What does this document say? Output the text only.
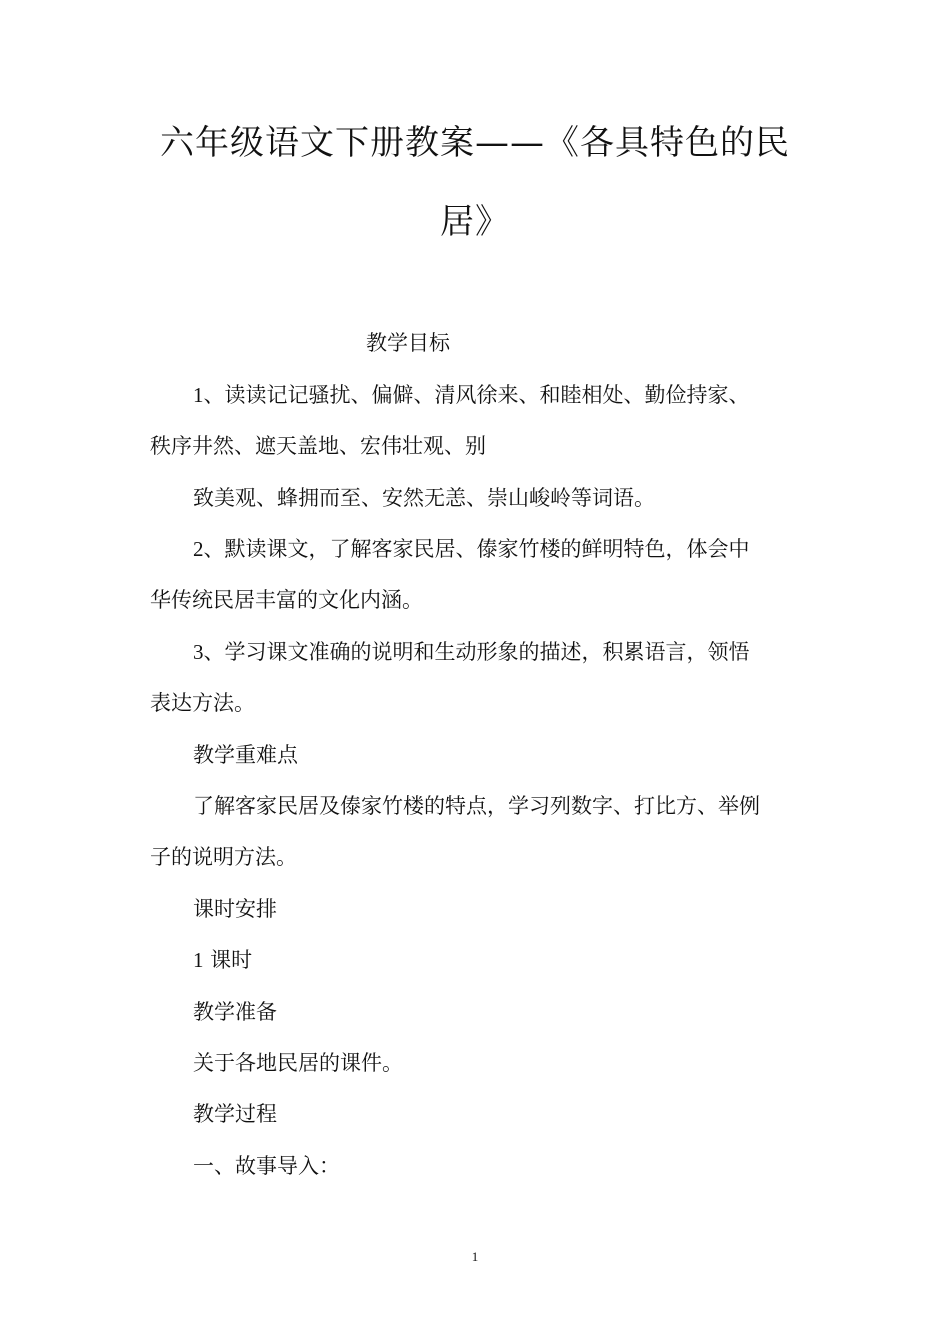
六年级语文下册教案——《各具特色的民
居》
教学目标
1、读读记记骚扰、偏僻、清风徐来、和睦相处、勤俭持家、
秩序井然、遮天盖地、宏伟壮观、别
致美观、蜂拥而至、安然无恙、崇山峻岭等词语。
2、默读课文，了解客家民居、傣家竹楼的鲜明特色，体会中
华传统民居丰富的文化内涵。
3、学习课文准确的说明和生动形象的描述，积累语言，领悟
表达方法。
教学重难点
了解客家民居及傣家竹楼的特点，学习列数字、打比方、举例
子的说明方法。
课时安排
1 课时
教学准备
关于各地民居的课件。
教学过程
一、故事导入：
1
